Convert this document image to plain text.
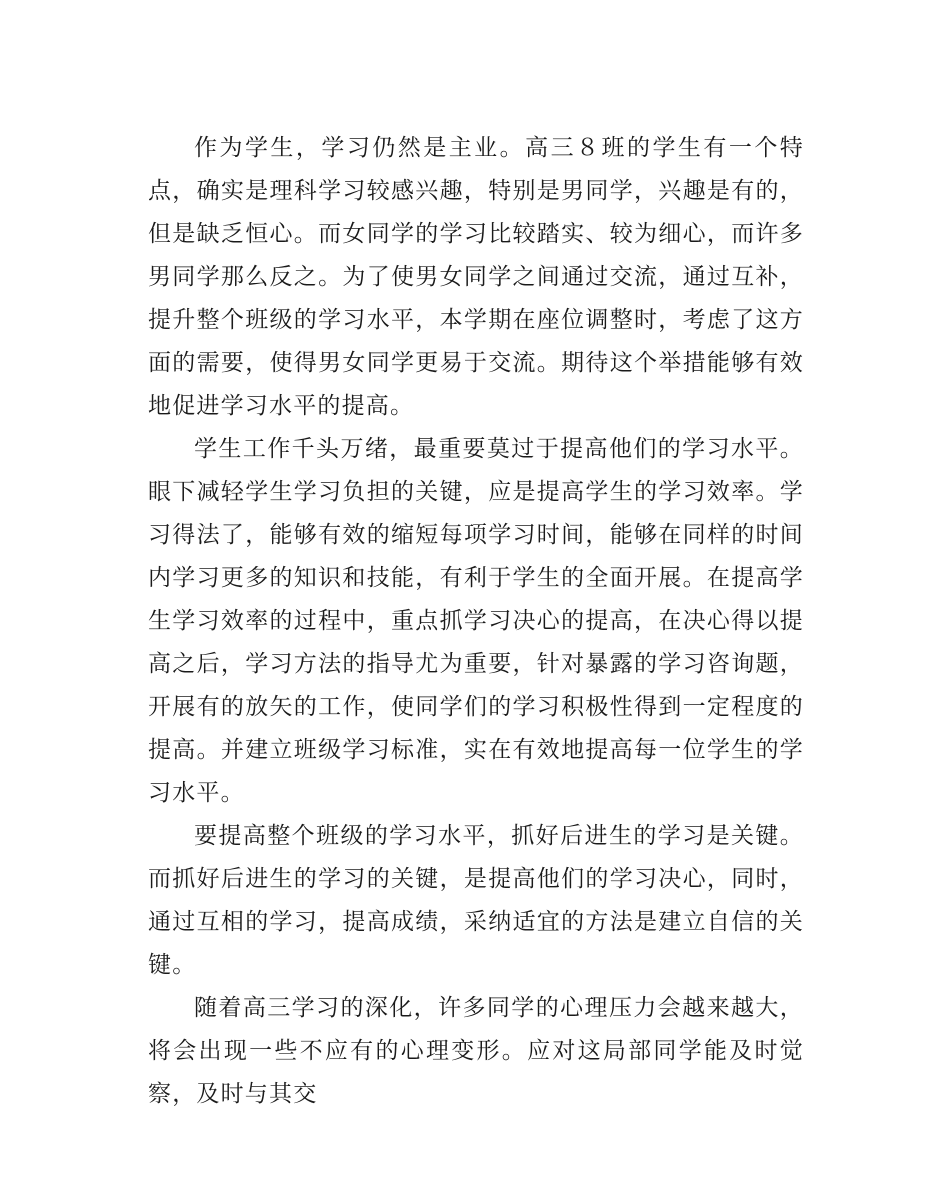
作为学生，学习仍然是主业。高三８班的学生有一个特点，确实是理科学习较感兴趣，特别是男同学，兴趣是有的，但是缺乏恒心。而女同学的学习比较踏实、较为细心，而许多男同学那么反之。为了使男女同学之间通过交流，通过互补，提升整个班级的学习水平，本学期在座位调整时，考虑了这方面的需要，使得男女同学更易于交流。期待这个举措能够有效地促进学习水平的提高。

学生工作千头万绪，最重要莫过于提高他们的学习水平。眼下减轻学生学习负担的关键，应是提高学生的学习效率。学习得法了，能够有效的缩短每项学习时间，能够在同样的时间内学习更多的知识和技能，有利于学生的全面开展。在提高学生学习效率的过程中，重点抓学习决心的提高，在决心得以提高之后，学习方法的指导尤为重要，针对暴露的学习咨询题，开展有的放矢的工作，使同学们的学习积极性得到一定程度的提高。并建立班级学习标准，实在有效地提高每一位学生的学习水平。

要提高整个班级的学习水平，抓好后进生的学习是关键。而抓好后进生的学习的关键，是提高他们的学习决心，同时，通过互相的学习，提高成绩，采纳适宜的方法是建立自信的关键。

随着高三学习的深化，许多同学的心理压力会越来越大，将会出现一些不应有的心理变形。应对这局部同学能及时觉察，及时与其交
